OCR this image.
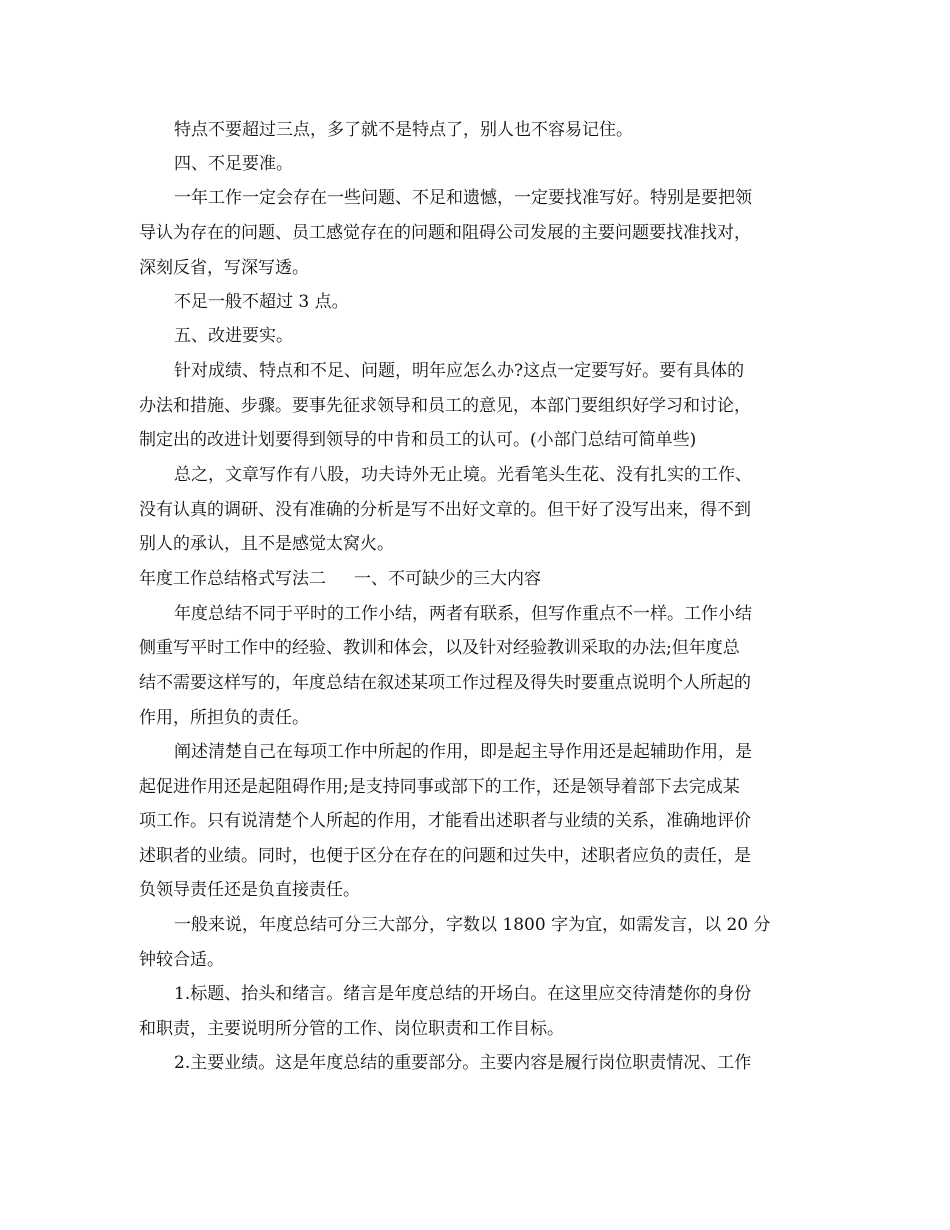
特点不要超过三点，多了就不是特点了，别人也不容易记住。
四、不足要准。
一年工作一定会存在一些问题、不足和遗憾，一定要找准写好。特别是要把领
导认为存在的问题、员工感觉存在的问题和阻碍公司发展的主要问题要找准找对，
深刻反省，写深写透。
不足一般不超过 3 点。
五、改进要实。
针对成绩、特点和不足、问题，明年应怎么办?这点一定要写好。要有具体的
办法和措施、步骤。要事先征求领导和员工的意见，本部门要组织好学习和讨论，
制定出的改进计划要得到领导的中肯和员工的认可。(小部门总结可简单些)
总之，文章写作有八股，功夫诗外无止境。光看笔头生花、没有扎实的工作、
没有认真的调研、没有准确的分析是写不出好文章的。但干好了没写出来，得不到
别人的承认，且不是感觉太窝火。
年度工作总结格式写法二 一、不可缺少的三大内容
年度总结不同于平时的工作小结，两者有联系，但写作重点不一样。工作小结
侧重写平时工作中的经验、教训和体会，以及针对经验教训采取的办法;但年度总
结不需要这样写的，年度总结在叙述某项工作过程及得失时要重点说明个人所起的
作用，所担负的责任。
阐述清楚自己在每项工作中所起的作用，即是起主导作用还是起辅助作用，是
起促进作用还是起阻碍作用;是支持同事或部下的工作，还是领导着部下去完成某
项工作。只有说清楚个人所起的作用，才能看出述职者与业绩的关系，准确地评价
述职者的业绩。同时，也便于区分在存在的问题和过失中，述职者应负的责任，是
负领导责任还是负直接责任。
一般来说，年度总结可分三大部分，字数以 1800 字为宜，如需发言，以 20 分
钟较合适。
1.标题、抬头和绪言。绪言是年度总结的开场白。在这里应交待清楚你的身份
和职责，主要说明所分管的工作、岗位职责和工作目标。
2.主要业绩。这是年度总结的重要部分。主要内容是履行岗位职责情况、工作
